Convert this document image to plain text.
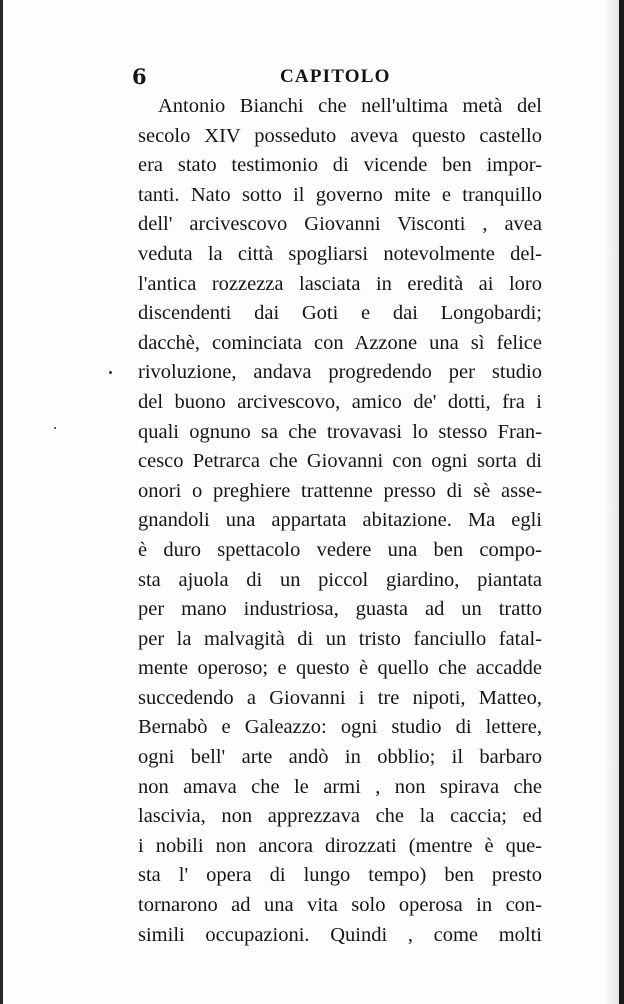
6	CAPITOLO
Antonio Bianchi che nell'ultima metà del
secolo XIV posseduto aveva questo castello
era stato testimonio di vicende ben impor-
tanti. Nato sotto il governo mite e tranquillo
dell' arcivescovo Giovanni Visconti , avea
veduta la città spogliarsi notevolmente del-
l'antica rozzezza lasciata in eredità ai loro
discendenti dai Goti e dai Longobardi;
dacchè, cominciata con Azzone una sì felice
rivoluzione, andava progredendo per studio
del buono arcivescovo, amico de' dotti, fra i
quali ognuno sa che trovavasi lo stesso Fran-
cesco Petrarca che Giovanni con ogni sorta di
onori o preghiere trattenne presso di sè asse-
gnandoli una appartata abitazione. Ma egli
è duro spettacolo vedere una ben compo-
sta ajuola di un piccol giardino, piantata
per mano industriosa, guasta ad un tratto
per la malvagità di un tristo fanciullo fatal-
mente operoso; e questo è quello che accadde
succedendo a Giovanni i tre nipoti, Matteo,
Bernabò e Galeazzo: ogni studio di lettere,
ogni bell' arte andò in obblio; il barbaro
non amava che le armi , non spirava che
lascivia, non apprezzava che la caccia; ed
i nobili non ancora dirozzati (mentre è que-
sta l' opera di lungo tempo) ben presto
tornarono ad una vita solo operosa in con-
simili occupazioni. Quindi , come molti
